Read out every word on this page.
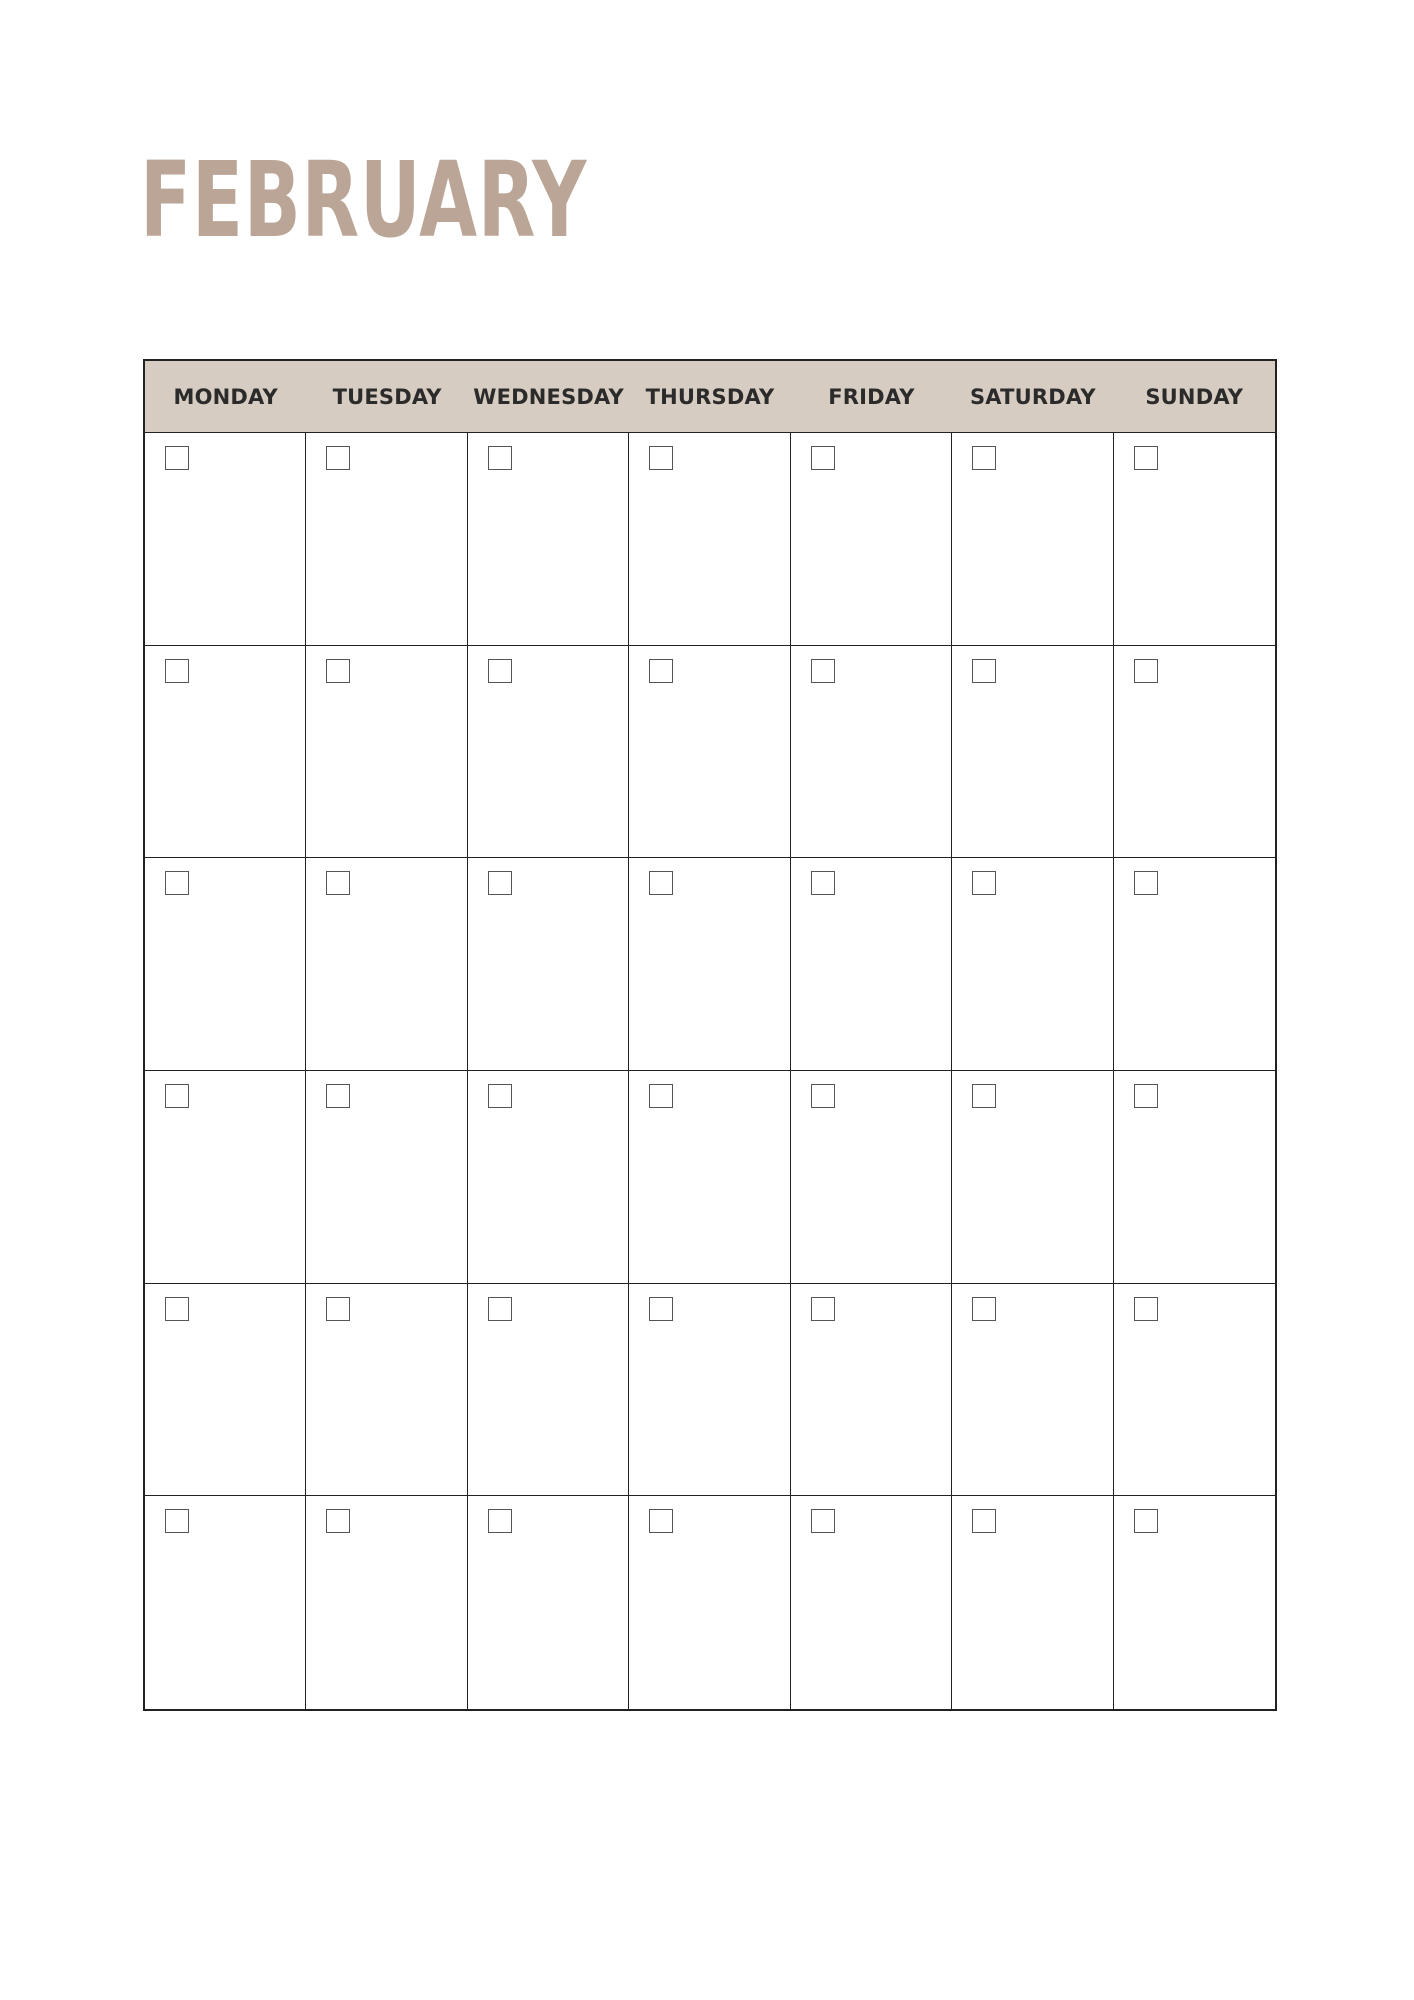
FEBRUARY
MONDAY	TUESDAY	WEDNESDAY	THURSDAY	FRIDAY	SATURDAY	SUNDAY
